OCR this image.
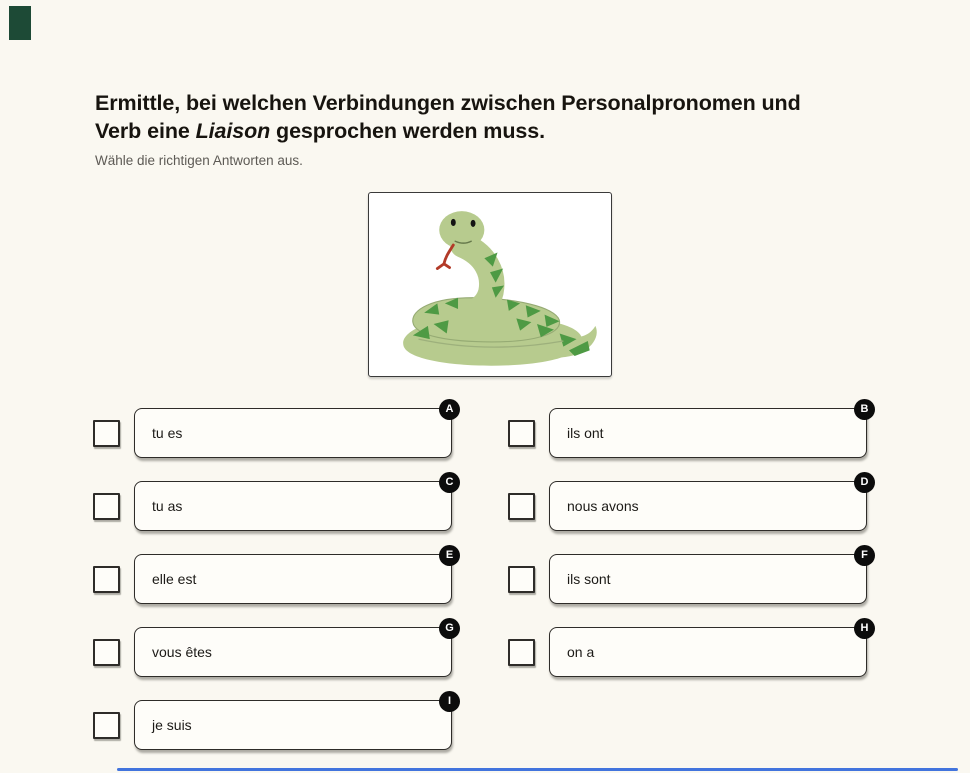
Ermittle, bei welchen Verbindungen zwischen Personalpronomen und
Verb eine Liaison gesprochen werden muss.
Wähle die richtigen Antworten aus.
tu es
A
ils ont
B
tu as
C
nous avons
D
elle est
E
ils sont
F
vous êtes
G
on a
H
je suis
I
